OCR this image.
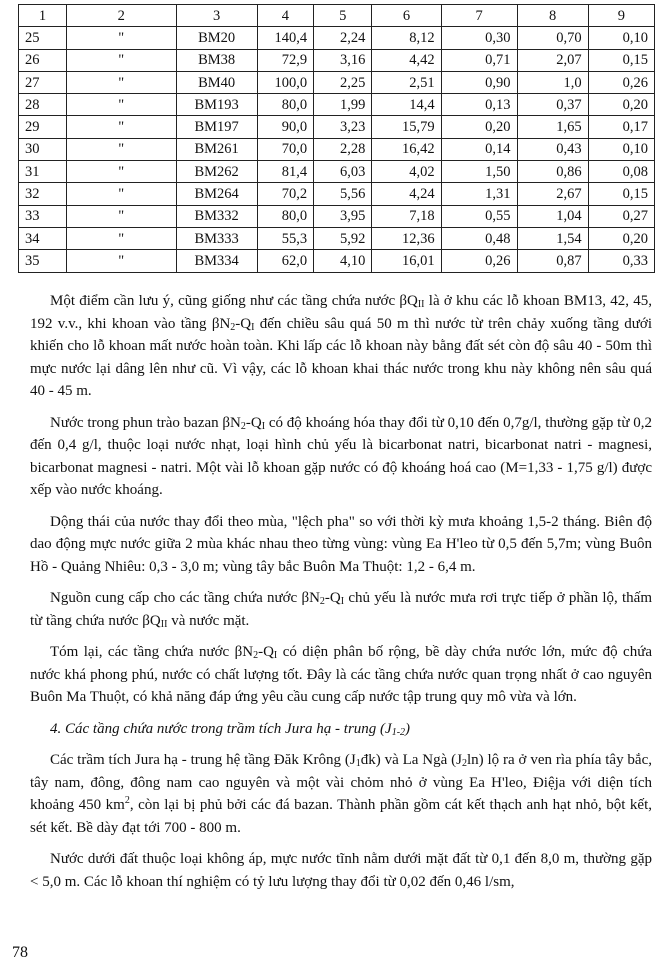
1	2	3	4	5	6	7	8	9
25	"	BM20	140,4	2,24	8,12	0,30	0,70	0,10
26	"	BM38	72,9	3,16	4,42	0,71	2,07	0,15
27	"	BM40	100,0	2,25	2,51	0,90	1,0	0,26
28	"	BM193	80,0	1,99	14,4	0,13	0,37	0,20
29	"	BM197	90,0	3,23	15,79	0,20	1,65	0,17
30	"	BM261	70,0	2,28	16,42	0,14	0,43	0,10
31	"	BM262	81,4	6,03	4,02	1,50	0,86	0,08
32	"	BM264	70,2	5,56	4,24	1,31	2,67	0,15
33	"	BM332	80,0	3,95	7,18	0,55	1,04	0,27
34	"	BM333	55,3	5,92	12,36	0,48	1,54	0,20
35	"	BM334	62,0	4,10	16,01	0,26	0,87	0,33

Một điểm cần lưu ý, cũng giống như các tầng chứa nước $\beta Q_{II}$ là ở khu các lỗ khoan BM13, 42, 45, 192 v.v., khi khoan vào tầng $\beta N_2-Q_I$ đến chiều sâu quá 50 m thì nước từ trên chảy xuống tầng dưới khiến cho lỗ khoan mất nước hoàn toàn. Khi lấp các lỗ khoan này bằng đất sét còn độ sâu 40 - 50m thì mực nước lại dâng lên như cũ. Vì vậy, các lỗ khoan khai thác nước trong khu này không nên sâu quá 40 - 45 m.

Nước trong phun trào bazan $\beta N_2-Q_I$ có độ khoáng hóa thay đổi từ 0,10 đến 0,7g/l, thường gặp từ 0,2 đến 0,4 g/l, thuộc loại nước nhạt, loại hình chủ yếu là bicarbonat natri, bicarbonat natri - magnesi, bicarbonat magnesi - natri. Một vài lỗ khoan gặp nước có độ khoáng hoá cao (M=1,33 - 1,75 g/l) được xếp vào nước khoáng.

Dộng thái của nước thay đổi theo mùa, "lệch pha" so với thời kỳ mưa khoảng 1,5-2 tháng. Biên độ dao động mực nước giữa 2 mùa khác nhau theo từng vùng: vùng Ea H'leo từ 0,5 đến 5,7m; vùng Buôn Hồ - Quảng Nhiêu: 0,3 - 3,0 m; vùng tây bắc Buôn Ma Thuột: 1,2 - 6,4 m.

Nguồn cung cấp cho các tầng chứa nước $\beta N_2-Q_I$ chủ yếu là nước mưa rơi trực tiếp ở phần lộ, thấm từ tầng chứa nước $\beta Q_{II}$ và nước mặt.

Tóm lại, các tầng chứa nước $\beta N_2-Q_I$ có diện phân bố rộng, bề dày chứa nước lớn, mức độ chứa nước khá phong phú, nước có chất lượng tốt. Đây là các tầng chứa nước quan trọng nhất ở cao nguyên Buôn Ma Thuột, có khả năng đáp ứng yêu cầu cung cấp nước tập trung quy mô vừa và lớn.

4. Các tầng chứa nước trong trầm tích Jura hạ - trung $(J_{1-2})$

Các trầm tích Jura hạ - trung hệ tầng Đăk Krông $(J_1đk)$ và La Ngà $(J_2\ln)$ lộ ra ở ven rìa phía tây bắc, tây nam, đông, đông nam cao nguyên và một vài chỏm nhỏ ở vùng Ea H'leo, Điệja với diện tích khoảng 450 $km^2$, còn lại bị phủ bởi các đá bazan. Thành phần gồm cát kết thạch anh hạt nhỏ, bột kết, sét kết. Bề dày đạt tới 700 - 800 m.

Nước dưới đất thuộc loại không áp, mực nước tĩnh nằm dưới mặt đất từ 0,1 đến 8,0 m, thường gặp < 5,0 m. Các lỗ khoan thí nghiệm có tỷ lưu lượng thay đổi từ 0,02 đến 0,46 l/sm,

78
